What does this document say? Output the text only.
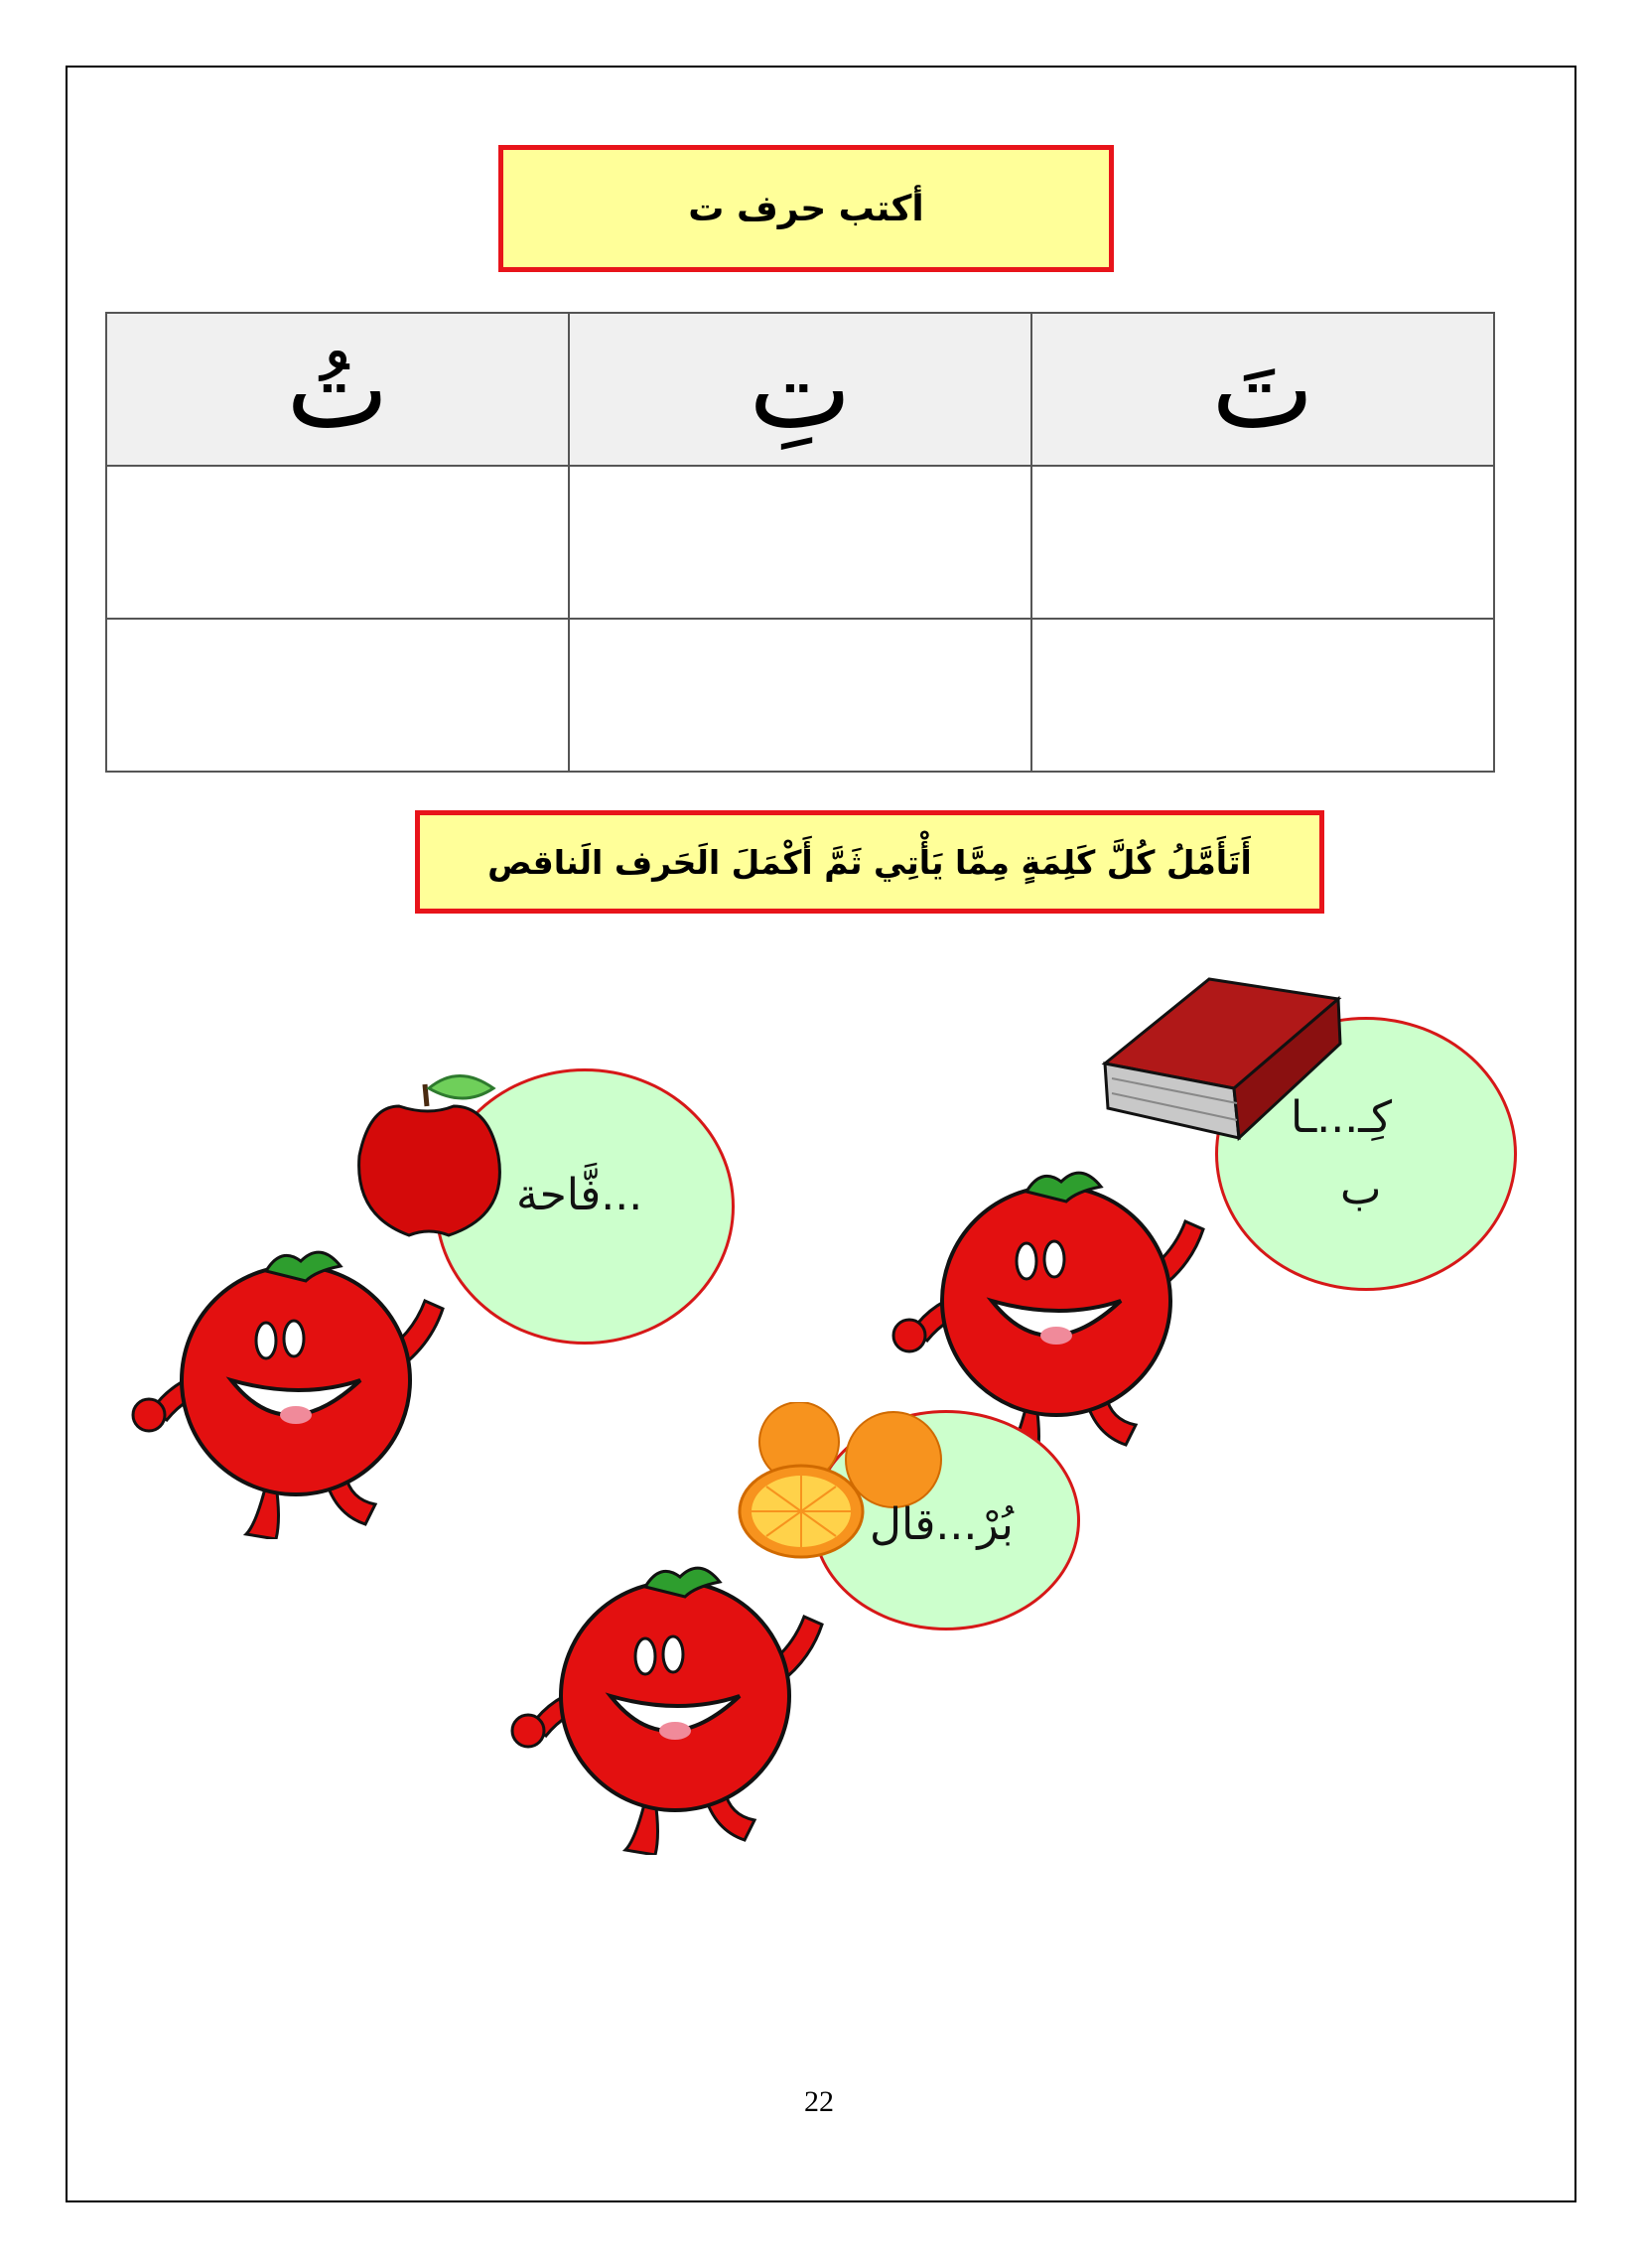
أكتب حرف ت
تُ	تِ	تَ

أَتَأَمَّلُ كُلَّ كَلِمَةٍ مِمَّا يَأْتِي ثَمَّ أَكْمَلَ الَحَرف الَناقص
...فَّاحة
كِـ...ـا
ب
بُرْ...قال
22
